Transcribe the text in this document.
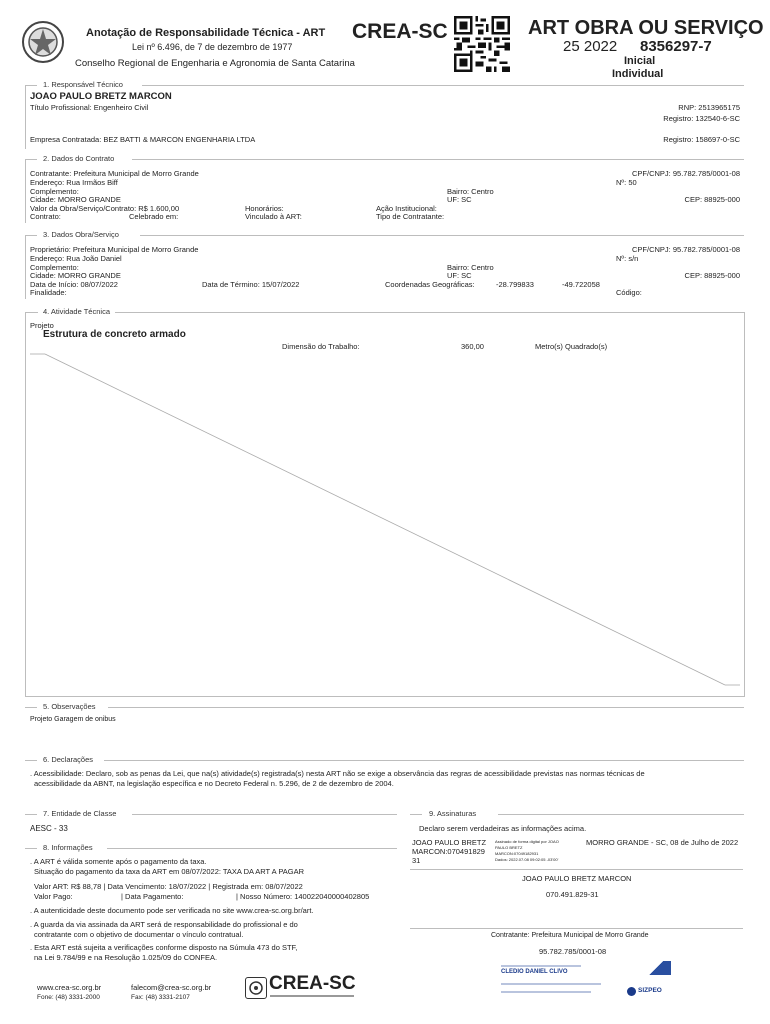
Anotação de Responsabilidade Técnica - ART
Lei nº 6.496, de 7 de dezembro de 1977
Conselho Regional de Engenharia e Agronomia de Santa Catarina
CREA-SC	ART OBRA OU SERVIÇO
25 2022 8356297-7
Inicial
Individual
1. Responsável Técnico
JOAO PAULO BRETZ MARCON
Título Profissional: Engenheiro Civil	RNP: 2513965175
Registro: 132540-6-SC
Empresa Contratada: BEZ BATTI & MARCON ENGENHARIA LTDA	Registro: 158697-0-SC
2. Dados do Contrato
Contratante: Prefeitura Municipal de Morro Grande	CPF/CNPJ: 95.782.785/0001-08
Endereço: Rua Irmãos Biff	Nº: 50
Complemento:	Bairro: Centro
Cidade: MORRO GRANDE	UF: SC	CEP: 88925-000
Valor da Obra/Serviço/Contrato: R$ 1.600,00	Honorários:	Ação Institucional:
Contrato:	Celebrado em:	Vinculado à ART:	Tipo de Contratante:
3. Dados Obra/Serviço
Proprietário: Prefeitura Municipal de Morro Grande	CPF/CNPJ: 95.782.785/0001-08
Endereço: Rua João Daniel	Nº: s/n
Complemento:	Bairro: Centro
Cidade: MORRO GRANDE	UF: SC	CEP: 88925-000
Data de Início: 08/07/2022	Data de Término: 15/07/2022	Coordenadas Geográficas:	-28.799833	-49.722058
Finalidade:	Código:
4. Atividade Técnica
Projeto
Estrutura de concreto armado
Dimensão do Trabalho:	360,00	Metro(s) Quadrado(s)
5. Observações
Projeto Garagem de onibus
6. Declarações
. Acessibilidade: Declaro, sob as penas da Lei, que na(s) atividade(s) registrada(s) nesta ART não se exige a observância das regras de acessibilidade previstas nas normas técnicas de
acessibilidade da ABNT, na legislação específica e no Decreto Federal n. 5.296, de 2 de dezembro de 2004.
7. Entidade de Classe
AESC - 33
8. Informações
. A ART é válida somente após o pagamento da taxa.
Situação do pagamento da taxa da ART em 08/07/2022: TAXA DA ART A PAGAR
Valor ART: R$ 88,78 | Data Vencimento: 18/07/2022 | Registrada em: 08/07/2022
Valor Pago:	| Data Pagamento:	| Nosso Número: 140022040000402805
. A autenticidade deste documento pode ser verificada no site www.crea-sc.org.br/art.
. A guarda da via assinada da ART será de responsabilidade do profissional e do
contratante com o objetivo de documentar o vínculo contratual.
. Esta ART está sujeita a verificações conforme disposto na Súmula 473 do STF,
na Lei 9.784/99 e na Resolução 1.025/09 do CONFEA.
9. Assinaturas
Declaro serem verdadeiras as informações acima.
JOAO PAULO BRETZ
MARCON:070491829
31
Assinado de forma digital por JOAO
PAULO BRETZ
MARCON:07049182931
Dados: 2022.07.08 09:02:05 -03'00'
MORRO GRANDE - SC, 08 de Julho de 2022
JOAO PAULO BRETZ MARCON
070.491.829-31
Contratante: Prefeitura Municipal de Morro Grande
95.782.785/0001-08
CLEDIO DANIEL CLIVO
SIZPEO
www.crea-sc.org.br
Fone: (48) 3331-2000
falecom@crea-sc.org.br
Fax: (48) 3331-2107
CREA-SC
